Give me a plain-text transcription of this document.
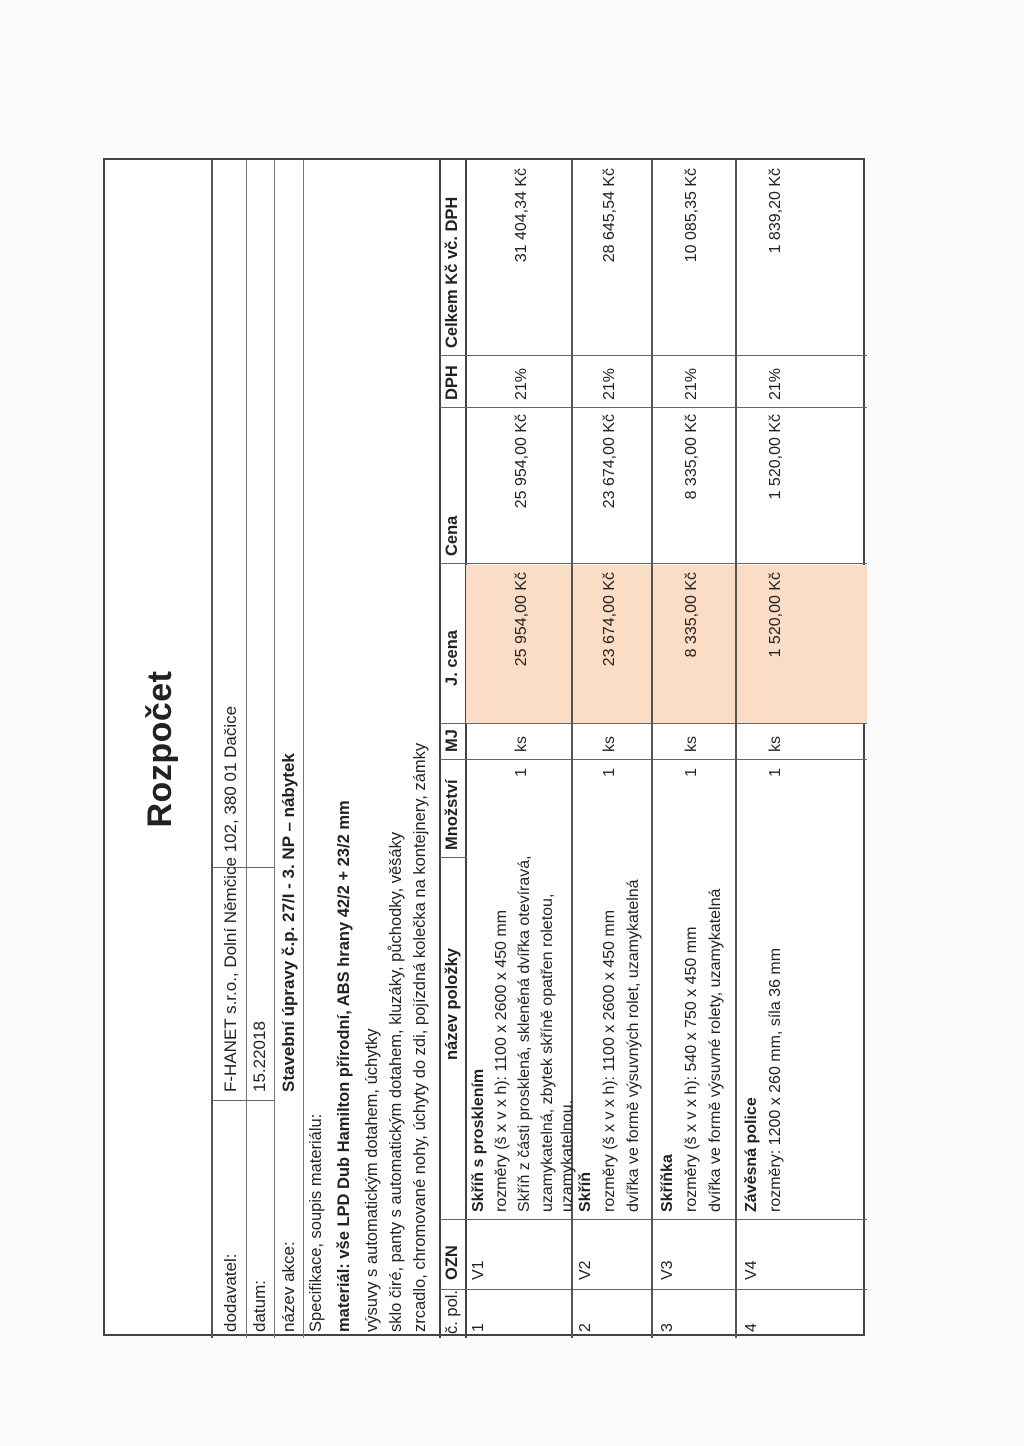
Rozpočet
dodavatel:
F-HANET s.r.o., Dolní Němčice 102, 380 01 Dačice
datum:
15.22018
název akce:
Stavební úpravy č.p. 27/I - 3. NP – nábytek
Specifikace, soupis materiálu: materiál: vše LPD Dub Hamilton přírodní, ABS hrany 42/2 + 23/2 mm výsuvy s automatickým dotahem, úchytky sklo čiré, panty s automatickým dotahem, kluzáky, půchodky, věšáky zrcadlo, chromované nohy, úchyty do zdi, pojízdná kolečka na kontejnery, zámky č. pol.
OZN
název položky
Množství
MJ
J. cena
Cena
DPH
Celkem Kč vč. DPH
1
V1
Skříň s prosklením rozměry (š x v x h): 1100 x 2600 x 450 mm Skříň z části prosklená, skleněná dvířka otevíravá, uzamykatelná, zbytek skříně opatřen roletou, uzamykatelnou.
1
ks
25 954,00 Kč
25 954,00 Kč
21%
31 404,34 Kč
2
V2
Skříň rozměry (š x v x h): 1100 x 2600 x 450 mm dvířka ve formě výsuvných rolet, uzamykatelná
1
ks
23 674,00 Kč
23 674,00 Kč
21%
28 645,54 Kč
3
V3
Skříňka rozměry (š x v x h): 540 x 750 x 450 mm dvířka ve formě výsuvné rolety, uzamykatelná
1
ks
8 335,00 Kč
8 335,00 Kč
21%
10 085,35 Kč
4
V4
Závěsná police rozměry: 1200 x 260 mm, síla 36 mm
1
ks
1 520,00 Kč
1 520,00 Kč
21%
1 839,20 Kč
